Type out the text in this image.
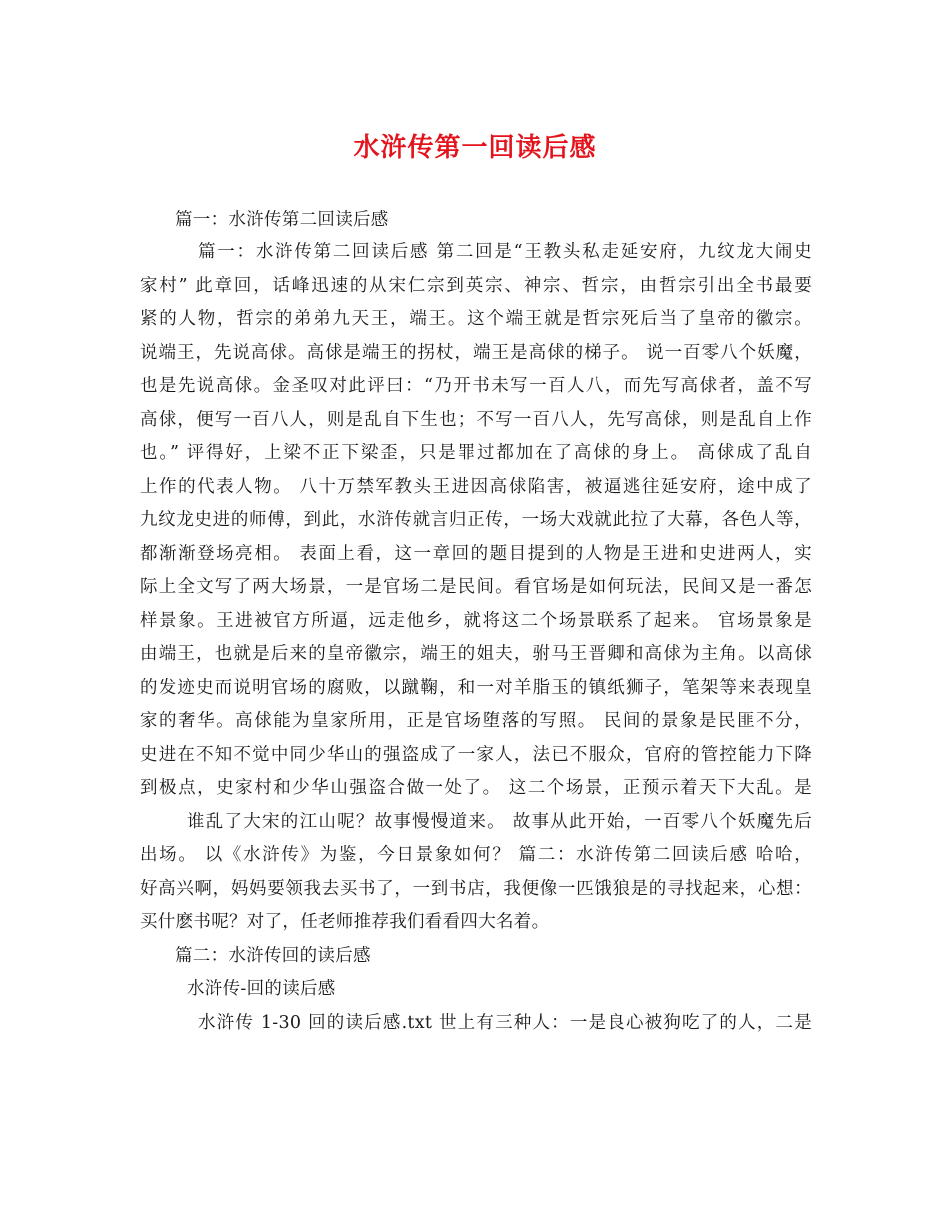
水浒传第一回读后感
篇一：水浒传第二回读后感
篇一：水浒传第二回读后感 第二回是“王教头私走延安府，九纹龙大闹史
家村” 此章回，话峰迅速的从宋仁宗到英宗、神宗、哲宗，由哲宗引出全书最要
紧的人物，哲宗的弟弟九天王，端王。这个端王就是哲宗死后当了皇帝的徽宗。
说端王，先说高俅。高俅是端王的拐杖，端王是高俅的梯子。 说一百零八个妖魔，
也是先说高俅。金圣叹对此评曰：“乃开书未写一百人八，而先写高俅者，盖不写
高俅，便写一百八人，则是乱自下生也；不写一百八人，先写高俅，则是乱自上作
也。” 评得好，上梁不正下梁歪，只是罪过都加在了高俅的身上。 高俅成了乱自
上作的代表人物。 八十万禁军教头王进因高俅陷害，被逼逃往延安府，途中成了
九纹龙史进的师傅，到此，水浒传就言归正传，一场大戏就此拉了大幕，各色人等，
都渐渐登场亮相。 表面上看，这一章回的题目提到的人物是王进和史进两人，实
际上全文写了两大场景，一是官场二是民间。看官场是如何玩法，民间又是一番怎
样景象。王进被官方所逼，远走他乡，就将这二个场景联系了起来。 官场景象是
由端王，也就是后来的皇帝徽宗，端王的姐夫，驸马王晋卿和高俅为主角。以高俅
的发迹史而说明官场的腐败，以蹴鞠，和一对羊脂玉的镇纸狮子，笔架等来表现皇
家的奢华。高俅能为皇家所用，正是官场堕落的写照。 民间的景象是民匪不分，
史进在不知不觉中同少华山的强盗成了一家人，法已不服众，官府的管控能力下降
到极点，史家村和少华山强盗合做一处了。 这二个场景，正预示着天下大乱。是
谁乱了大宋的江山呢？故事慢慢道来。 故事从此开始，一百零八个妖魔先后
出场。 以《水浒传》为鉴，今日景象如何？ 篇二：水浒传第二回读后感 哈哈，
好高兴啊，妈妈要领我去买书了，一到书店，我便像一匹饿狼是的寻找起来，心想：
买什麽书呢？对了，任老师推荐我们看看四大名着。
篇二：水浒传回的读后感
水浒传-回的读后感
水浒传 1-30 回的读后感.txt 世上有三种人：一是良心被狗吃了的人，二是
